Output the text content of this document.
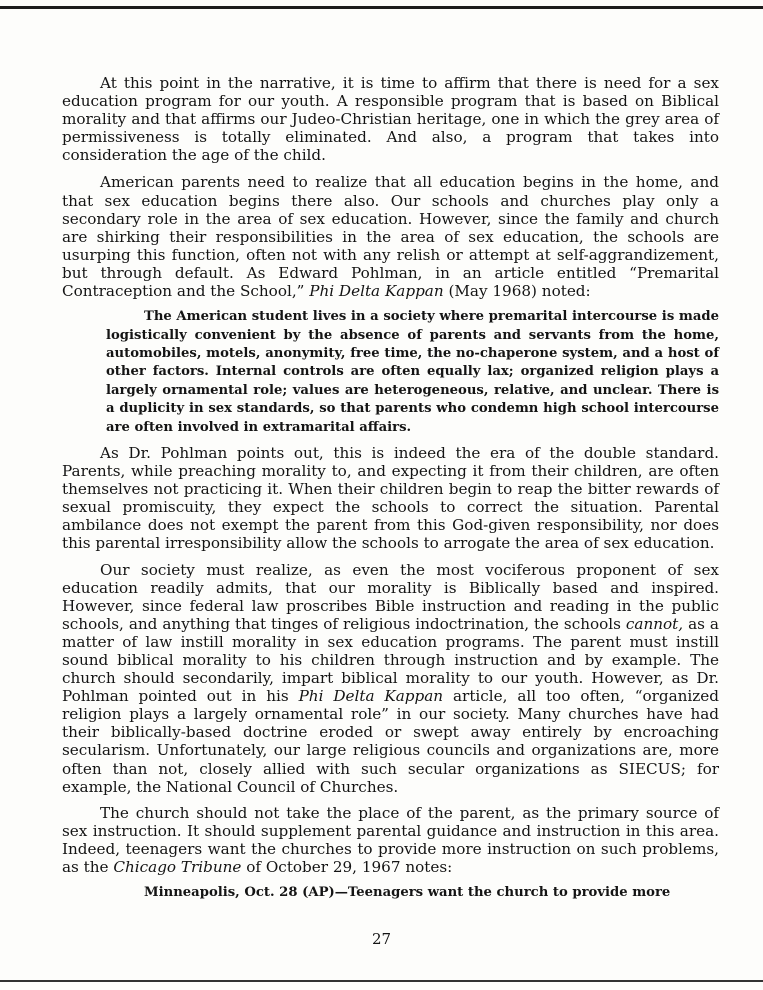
At this point in the narrative, it is time to affirm that there is need for a sex education program for our youth. A responsible program that is based on Biblical morality and that affirms our Judeo-Christian heritage, one in which the grey area of permissiveness is totally eliminated. And also, a program that takes into consideration the age of the child.

American parents need to realize that all education begins in the home, and that sex education begins there also. Our schools and churches play only a secondary role in the area of sex education. However, since the family and church are shirking their responsibilities in the area of sex education, the schools are usurping this function, often not with any relish or attempt at self-aggrandizement, but through default. As Edward Pohlman, in an article entitled “Premarital Contraception and the School,” Phi Delta Kappan (May 1968) noted:

The American student lives in a society where premarital intercourse is made logistically convenient by the absence of parents and servants from the home, automobiles, motels, anonymity, free time, the no-chaperone system, and a host of other factors. Internal controls are often equally lax; organized religion plays a largely ornamental role; values are heterogeneous, relative, and unclear. There is a duplicity in sex standards, so that parents who condemn high school intercourse are often involved in extramarital affairs.

As Dr. Pohlman points out, this is indeed the era of the double standard. Parents, while preaching morality to, and expecting it from their children, are often themselves not practicing it. When their children begin to reap the bitter rewards of sexual promiscuity, they expect the schools to correct the situation. Parental ambilance does not exempt the parent from this God-given responsibility, nor does this parental irresponsibility allow the schools to arrogate the area of sex education.

Our society must realize, as even the most vociferous proponent of sex education readily admits, that our morality is Biblically based and inspired. However, since federal law proscribes Bible instruction and reading in the public schools, and anything that tinges of religious indoctrination, the schools cannot, as a matter of law instill morality in sex education programs. The parent must instill sound biblical morality to his children through instruction and by example. The church should secondarily, impart biblical morality to our youth. However, as Dr. Pohlman pointed out in his Phi Delta Kappan article, all too often, “organized religion plays a largely ornamental role” in our society. Many churches have had their biblically-based doctrine eroded or swept away entirely by encroaching secularism. Unfortunately, our large religious councils and organizations are, more often than not, closely allied with such secular organizations as SIECUS; for example, the National Council of Churches.

The church should not take the place of the parent, as the primary source of sex instruction. It should supplement parental guidance and instruction in this area. Indeed, teenagers want the churches to provide more instruction on such problems, as the Chicago Tribune of October 29, 1967 notes:

Minneapolis, Oct. 28 (AP)—Teenagers want the church to provide more

27
